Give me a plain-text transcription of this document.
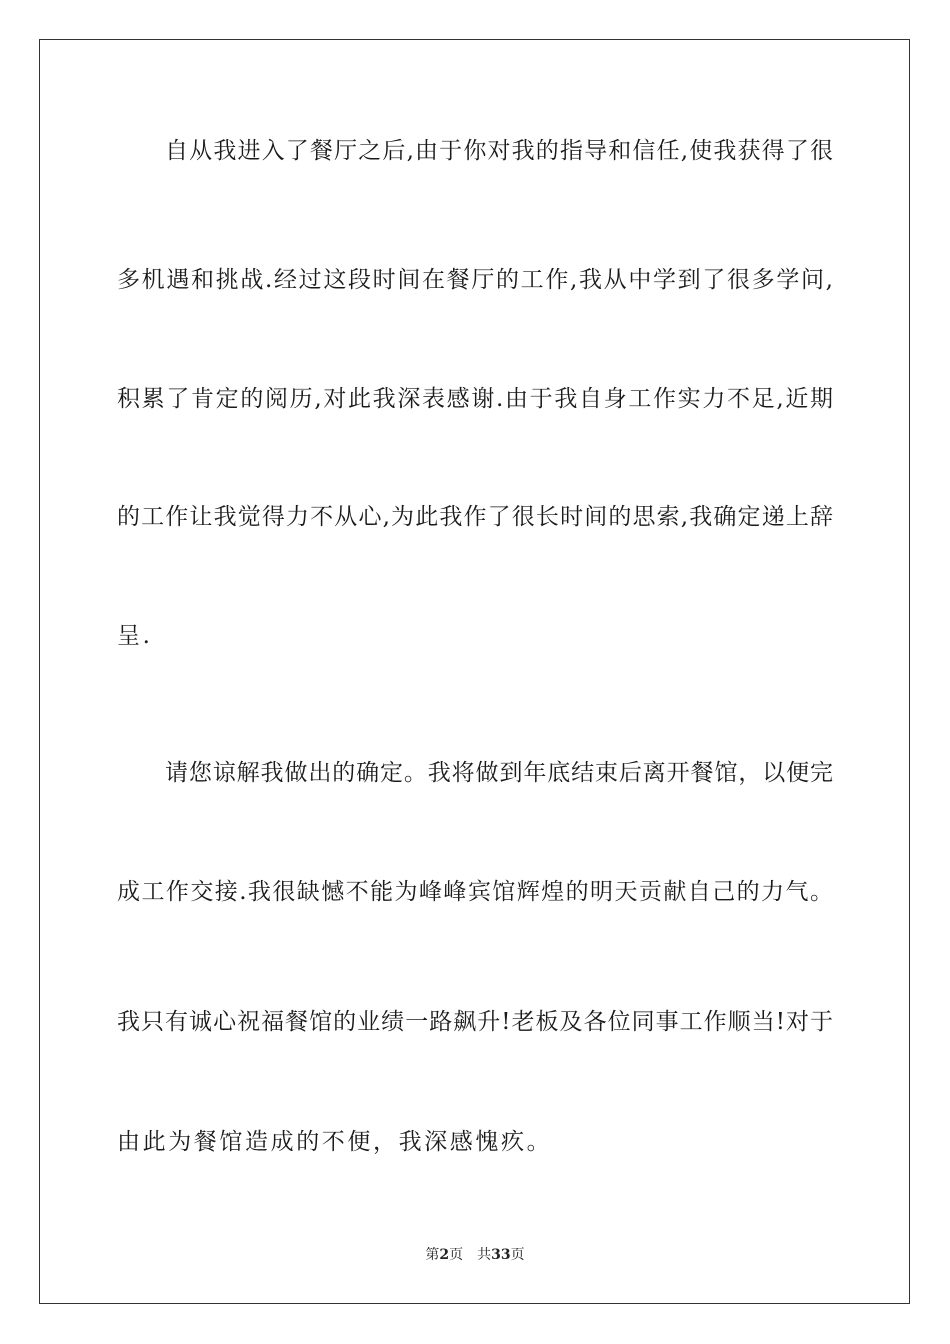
自从我进入了餐厅之后,由于你对我的指导和信任,使我获得了很
多机遇和挑战.经过这段时间在餐厅的工作,我从中学到了很多学问,
积累了肯定的阅历,对此我深表感谢.由于我自身工作实力不足,近期
的工作让我觉得力不从心,为此我作了很长时间的思索,我确定递上辞
呈.
请您谅解我做出的确定。我将做到年底结束后离开餐馆，以便完
成工作交接.我很缺憾不能为峰峰宾馆辉煌的明天贡献自己的力气。
我只有诚心祝福餐馆的业绩一路飙升!老板及各位同事工作顺当!对于
由此为餐馆造成的不便，我深感愧疚。
第2页 共33页
